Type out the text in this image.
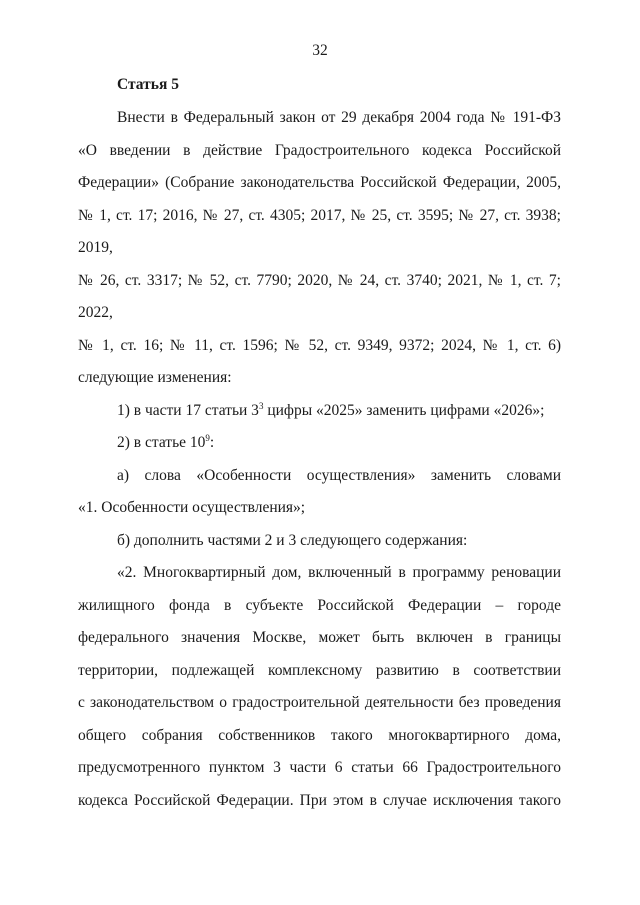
32
Статья 5

Внести в Федеральный закон от 29 декабря 2004 года № 191-ФЗ
«О введении в действие Градостроительного кодекса Российской
Федерации» (Собрание законодательства Российской Федерации, 2005,
№ 1, ст. 17; 2016, № 27, ст. 4305; 2017, № 25, ст. 3595; № 27, ст. 3938; 2019,
№ 26, ст. 3317; № 52, ст. 7790; 2020, № 24, ст. 3740; 2021, № 1, ст. 7; 2022,
№ 1, ст. 16; № 11, ст. 1596; № 52, ст. 9349, 9372; 2024, № 1, ст. 6)
следующие изменения:

1) в части 17 статьи $3^3$ цифры «2025» заменить цифрами «2026»;

2) в статье $10^9$:

а) слова «Особенности осуществления» заменить словами
«1. Особенности осуществления»;

б) дополнить частями 2 и 3 следующего содержания:

«2. Многоквартирный дом, включенный в программу реновации
жилищного фонда в субъекте Российской Федерации – городе
федерального значения Москве, может быть включен в границы
территории, подлежащей комплексному развитию в соответствии
с законодательством о градостроительной деятельности без проведения
общего собрания собственников такого многоквартирного дома,
предусмотренного пунктом 3 части 6 статьи 66 Градостроительного
кодекса Российской Федерации. При этом в случае исключения такого
